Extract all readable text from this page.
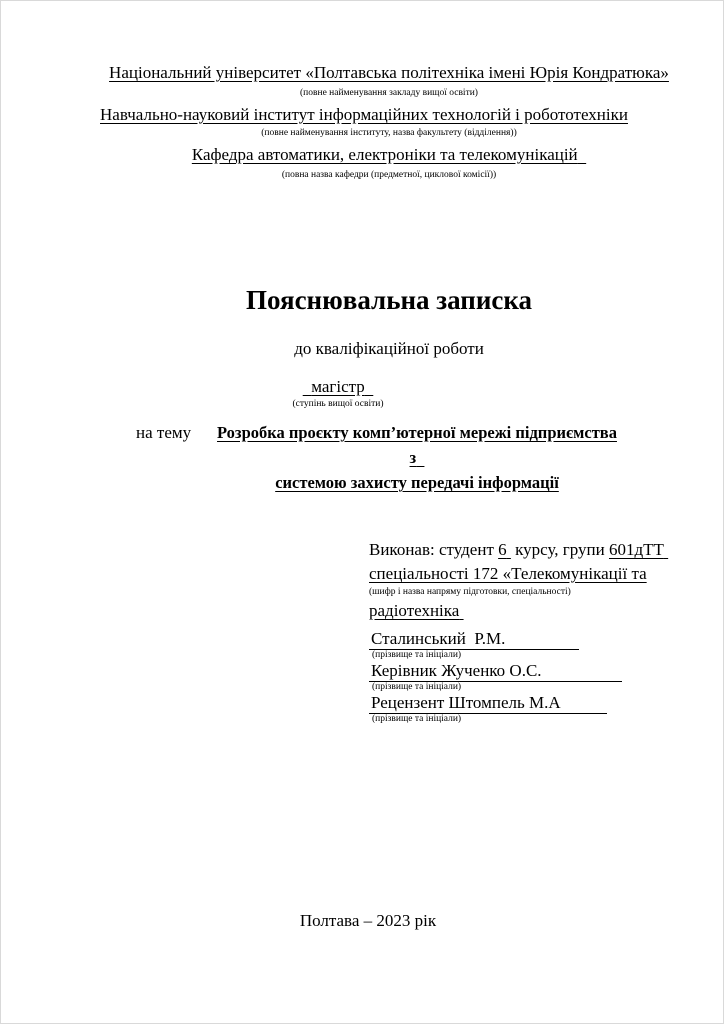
Національний університет «Полтавська політехніка імені Юрія Кондратюка»
(повне найменування закладу вищої освіти)
Навчально-науковий інститут інформаційних технологій і робототехніки
(повне найменування інституту, назва факультету (відділення))
Кафедра автоматики, електроніки та телекомунікацій
(повна назва кафедри (предметної, циклової комісії))
Пояснювальна записка
до кваліфікаційної роботи
магістр
(ступінь вищої освіти)
на тему	Розробка проєкту комп’ютерної мережі підприємства з
системою захисту передачі інформації
Виконав: студент 6 курсу, групи 601дТТ
спеціальності 172 «Телекомунікації та
(шифр і назва напряму підготовки, спеціальності)
радіотехніка
Сталинський  Р.М.
(прізвище та ініціали)
Керівник Жученко О.С.
(прізвище та ініціали)
Рецензент Штомпель М.А
(прізвище та ініціали)
Полтава – 2023 рік
